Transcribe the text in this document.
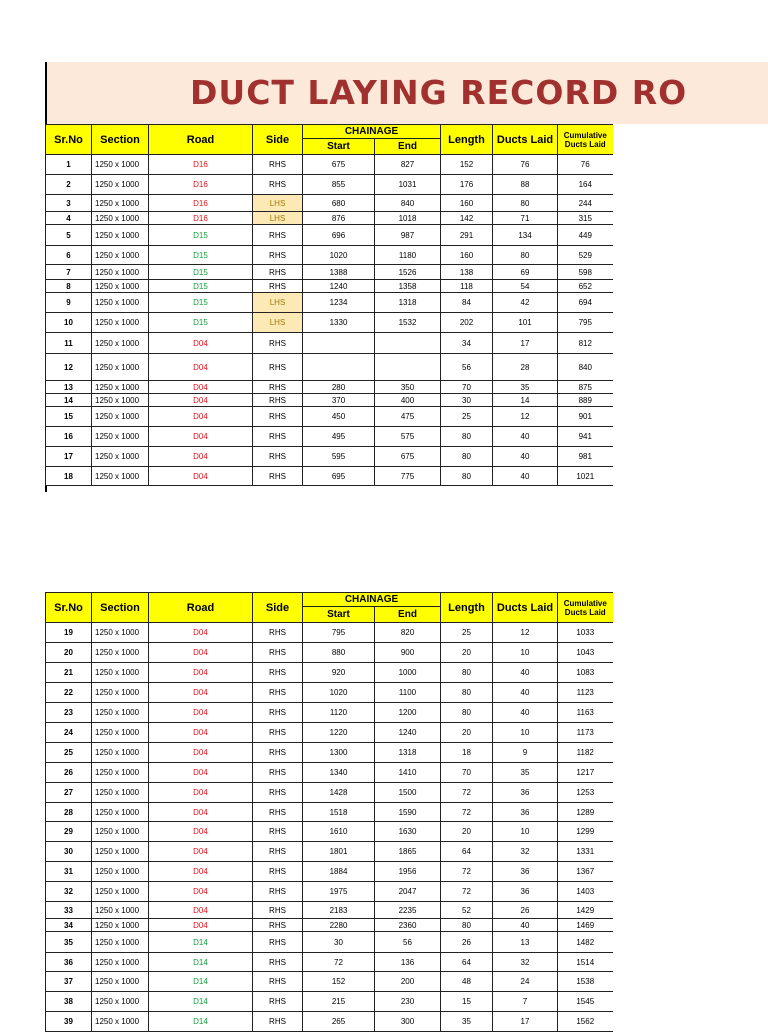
DUCT LAYING RECORD RO
Sr.No	Section	Road	Side	CHAINAGE		Length	Ducts Laid	Cumulative Ducts Laid
				Start	End			
1	1250 x 1000	D16	RHS	675	827	152	76	76
2	1250 x 1000	D16	RHS	855	1031	176	88	164
3	1250 x 1000	D16	LHS	680	840	160	80	244
4	1250 x 1000	D16	LHS	876	1018	142	71	315
5	1250 x 1000	D15	RHS	696	987	291	134	449
6	1250 x 1000	D15	RHS	1020	1180	160	80	529
7	1250 x 1000	D15	RHS	1388	1526	138	69	598
8	1250 x 1000	D15	RHS	1240	1358	118	54	652
9	1250 x 1000	D15	LHS	1234	1318	84	42	694
10	1250 x 1000	D15	LHS	1330	1532	202	101	795
11	1250 x 1000	D04	RHS			34	17	812
12	1250 x 1000	D04	RHS			56	28	840
13	1250 x 1000	D04	RHS	280	350	70	35	875
14	1250 x 1000	D04	RHS	370	400	30	14	889
15	1250 x 1000	D04	RHS	450	475	25	12	901
16	1250 x 1000	D04	RHS	495	575	80	40	941
17	1250 x 1000	D04	RHS	595	675	80	40	981
18	1250 x 1000	D04	RHS	695	775	80	40	1021
Sr.No	Section	Road	Side	CHAINAGE		Length	Ducts Laid	Cumulative Ducts Laid
				Start	End			
19	1250 x 1000	D04	RHS	795	820	25	12	1033
20	1250 x 1000	D04	RHS	880	900	20	10	1043
21	1250 x 1000	D04	RHS	920	1000	80	40	1083
22	1250 x 1000	D04	RHS	1020	1100	80	40	1123
23	1250 x 1000	D04	RHS	1120	1200	80	40	1163
24	1250 x 1000	D04	RHS	1220	1240	20	10	1173
25	1250 x 1000	D04	RHS	1300	1318	18	9	1182
26	1250 x 1000	D04	RHS	1340	1410	70	35	1217
27	1250 x 1000	D04	RHS	1428	1500	72	36	1253
28	1250 x 1000	D04	RHS	1518	1590	72	36	1289
29	1250 x 1000	D04	RHS	1610	1630	20	10	1299
30	1250 x 1000	D04	RHS	1801	1865	64	32	1331
31	1250 x 1000	D04	RHS	1884	1956	72	36	1367
32	1250 x 1000	D04	RHS	1975	2047	72	36	1403
33	1250 x 1000	D04	RHS	2183	2235	52	26	1429
34	1250 x 1000	D04	RHS	2280	2360	80	40	1469
35	1250 x 1000	D14	RHS	30	56	26	13	1482
36	1250 x 1000	D14	RHS	72	136	64	32	1514
37	1250 x 1000	D14	RHS	152	200	48	24	1538
38	1250 x 1000	D14	RHS	215	230	15	7	1545
39	1250 x 1000	D14	RHS	265	300	35	17	1562
